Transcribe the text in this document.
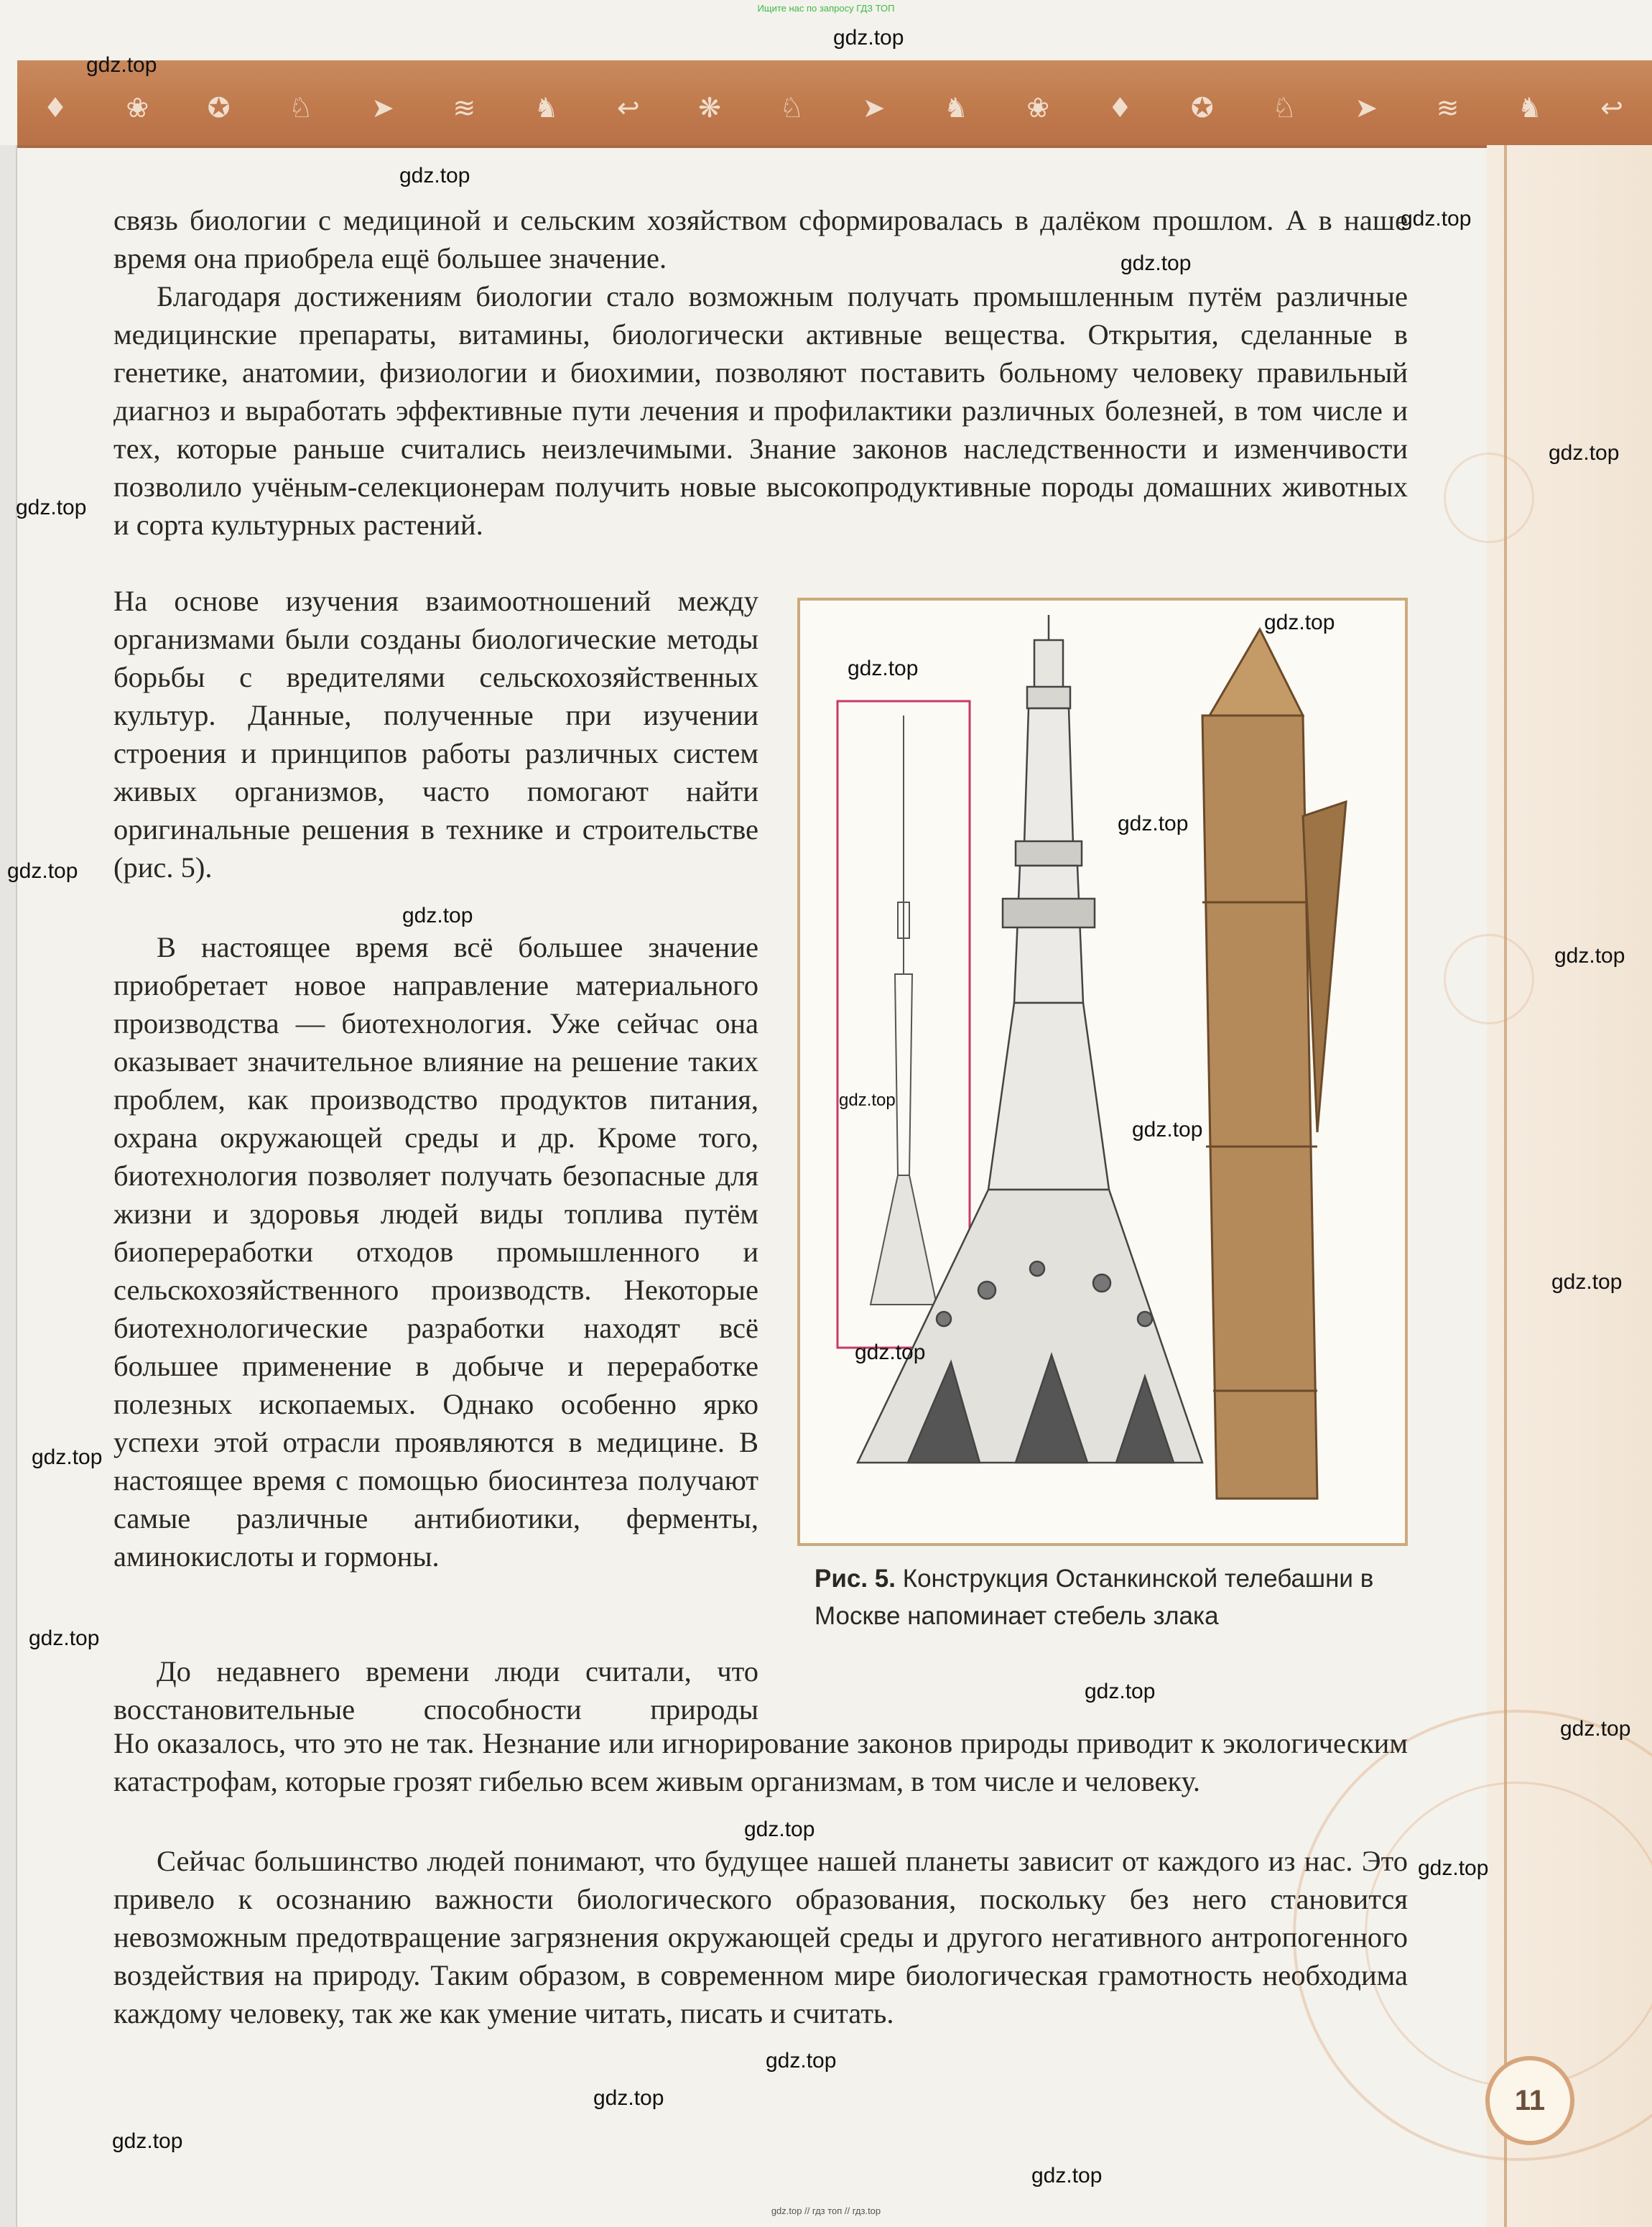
Ищите нас по запросу ГДЗ ТОП
♦ ❀ ✪ ♘ ➤ ≋ ♞ ↩ ❋ ♘ ➤ ♞ ❀ ♦ ✪ ♘ ➤ ≋ ♞ ↩
связь биологии с медициной и сельским хозяйством сформировалась в далёком прошлом. А в наше время она приобрела ещё большее значение.
Благодаря достижениям биологии стало возможным получать промышленным путём различные медицинские препараты, витамины, биологически активные вещества. Открытия, сделанные в генетике, анатомии, физиологии и биохимии, позволяют поставить больному человеку правильный диагноз и выработать эффективные пути лечения и профилактики различных болезней, в том числе и тех, которые раньше считались неизлечимыми. Знание законов наследственности и изменчивости позволило учёным-селекционерам получить новые высокопродуктивные породы домашних животных и сорта культурных растений.
На основе изучения взаимоотношений между организмами были созданы биологические методы борьбы с вредителями сельскохозяйственных культур. Данные, полученные при изучении строения и принципов работы различных систем живых организмов, часто помогают найти оригинальные решения в технике и строительстве (рис. 5).
В настоящее время всё большее значение приобретает новое направление материального производства — биотехнология. Уже сейчас она оказывает значительное влияние на решение таких проблем, как производство продуктов питания, охрана окружающей среды и др. Кроме того, биотехнология позволяет получать безопасные для жизни и здоровья людей виды топлива путём биопереработки отходов промышленного и сельскохозяйственного производств. Некоторые биотехнологические разработки находят всё большее применение в добыче и переработке полезных ископаемых. Однако особенно ярко успехи этой отрасли проявляются в медицине. В настоящее время с помощью биосинтеза получают самые различные антибиотики, ферменты, аминокислоты и гормоны.
До недавнего времени люди считали, что восстановительные способности природы
Но оказалось, что это не так. Незнание или игнорирование законов природы приводит к экологическим катастрофам, которые грозят гибелью всем живым организмам, в том числе и человеку.
Сейчас большинство людей понимают, что будущее нашей планеты зависит от каждого из нас. Это привело к осознанию важности биологического образования, поскольку без него становится невозможным предотвращение загрязнения окружающей среды и другого негативного антропогенного воздействия на природу. Таким образом, в современном мире биологическая грамотность необходима каждому человеку, так же как умение читать, писать и считать.
Рис. 5. Конструкция Останкинской телебашни в Москве напоминает стебель злака
11
gdz.top
gdz.top
gdz.top
gdz.top
gdz.top
gdz.top
gdz.top
gdz.top
gdz.top
gdz.top
gdz.top
gdz.top
gdz.top
gdz.top
gdz.top
gdz.top
gdz.top
gdz.top
gdz.top
gdz.top
gdz.top
gdz.top
gdz.top
gdz.top
gdz.top
gdz.top
gdz.top
gdz.top // гдз топ // гдз.top
